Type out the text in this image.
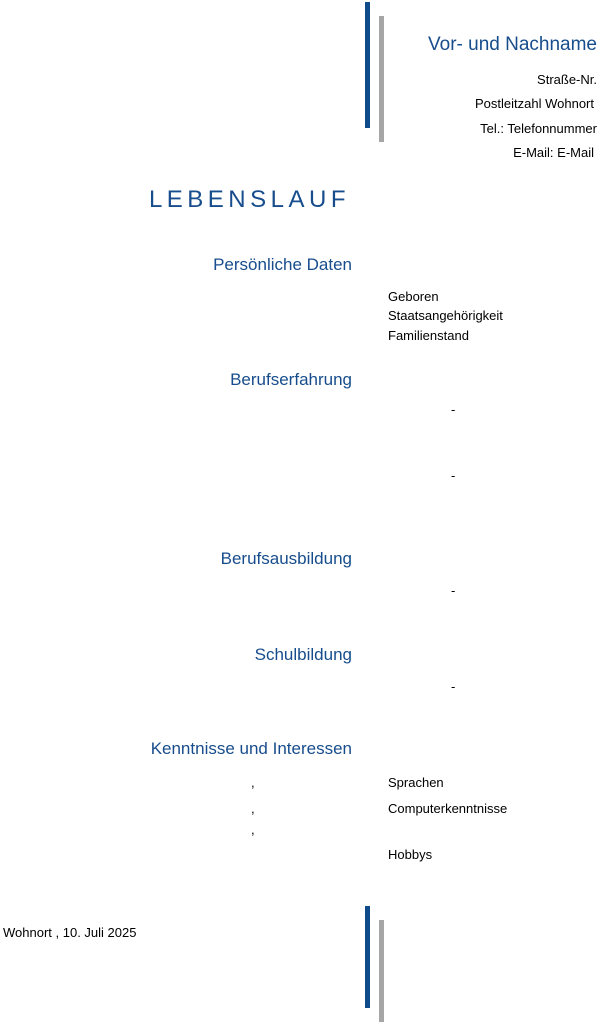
Vor- und Nachname
Straße-Nr.
Postleitzahl Wohnort
Tel.: Telefonnummer
E-Mail: E-Mail
LEBENSLAUF
Persönliche Daten
Geboren
Staatsangehörigkeit
Familienstand
Berufserfahrung
-
-
Berufsausbildung
-
Schulbildung
-
Kenntnisse und Interessen
,	Sprachen
,	Computerkenntnisse
,
Hobbys
Wohnort , 10. Juli 2025
